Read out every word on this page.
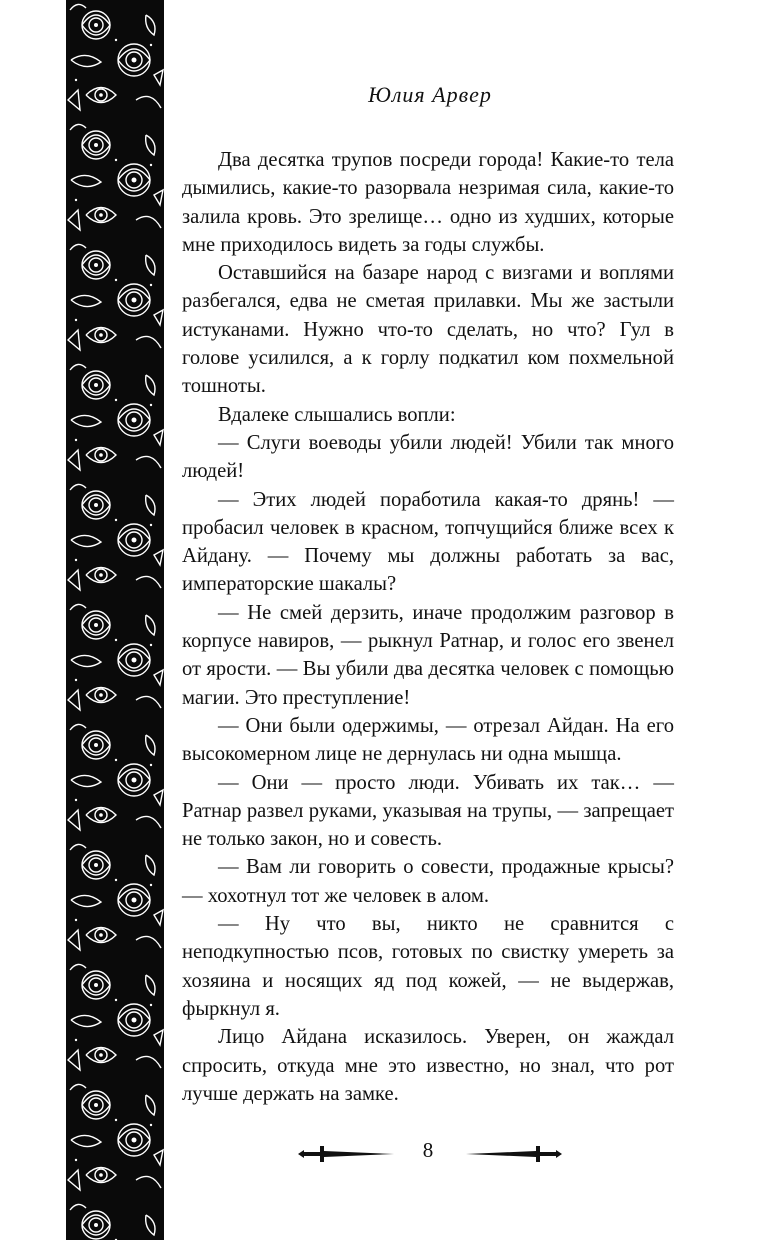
Юлия Арвер

Два десятка трупов посреди города! Какие-то тела дымились, какие-то разорвала незримая сила, какие-то залила кровь. Это зрелище… одно из худших, которые мне приходилось видеть за годы службы.

Оставшийся на базаре народ с визгами и воплями разбегался, едва не сметая прилавки. Мы же застыли истуканами. Нужно что-то сделать, но что? Гул в голове усилился, а к горлу подкатил ком похмельной тошноты.

Вдалеке слышались вопли:

— Слуги воеводы убили людей! Убили так много людей!

— Этих людей поработила какая-то дрянь! — пробасил человек в красном, топчущийся ближе всех к Айдану. — Почему мы должны работать за вас, императорские шакалы?

— Не смей дерзить, иначе продолжим разговор в корпусе навиров, — рыкнул Ратнар, и голос его звенел от ярости. — Вы убили два десятка человек с помощью магии. Это преступление!

— Они были одержимы, — отрезал Айдан. На его высокомерном лице не дернулась ни одна мышца.

— Они — просто люди. Убивать их так… — Ратнар развел руками, указывая на трупы, — запрещает не только закон, но и совесть.

— Вам ли говорить о совести, продажные крысы? — хохотнул тот же человек в алом.

— Ну что вы, никто не сравнится с неподкупностью псов, готовых по свистку умереть за хозяина и носящих яд под кожей, — не выдержав, фыркнул я.

Лицо Айдана исказилось. Уверен, он жаждал спросить, откуда мне это известно, но знал, что рот лучше держать на замке.

8
